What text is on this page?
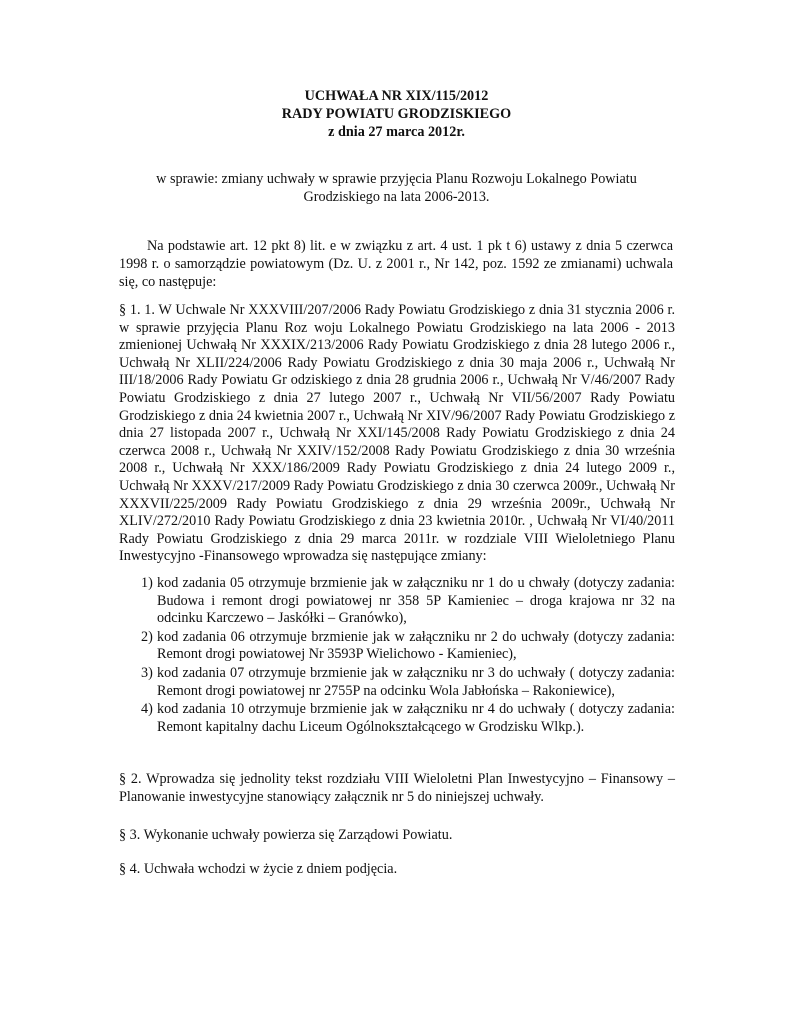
UCHWAŁA NR XIX/115/2012
RADY POWIATU GRODZISKIEGO
z dnia 27 marca 2012r.
w sprawie: zmiany uchwały w sprawie przyjęcia Planu Rozwoju Lokalnego Powiatu Grodziskiego na lata 2006-2013.
Na podstawie art. 12 pkt 8) lit. e w związku z art. 4 ust. 1 pk t 6) ustawy z dnia 5 czerwca 1998 r. o samorządzie powiatowym (Dz. U. z 2001 r., Nr 142, poz. 1592 ze zmianami) uchwala się, co następuje:
§ 1. 1. W Uchwale Nr XXXVIII/207/2006 Rady Powiatu Grodziskiego z dnia 31 stycznia 2006 r. w sprawie przyjęcia Planu Roz woju Lokalnego Powiatu Grodziskiego na lata 2006 - 2013 zmienionej Uchwałą Nr XXXIX/213/2006 Rady Powiatu Grodziskiego z dnia 28 lutego 2006 r., Uchwałą Nr XLII/224/2006 Rady Powiatu Grodziskiego z dnia 30 maja 2006 r., Uchwałą Nr III/18/2006 Rady Powiatu Gr odziskiego z dnia 28 grudnia 2006 r., Uchwałą Nr V/46/2007 Rady Powiatu Grodziskiego z dnia 27 lutego 2007 r., Uchwałą Nr VII/56/2007 Rady Powiatu Grodziskiego z dnia 24 kwietnia 2007 r., Uchwałą Nr XIV/96/2007 Rady Powiatu Grodziskiego z dnia 27 listopada 2007 r., Uchwałą Nr XXI/145/2008 Rady Powiatu Grodziskiego z dnia 24 czerwca 2008 r., Uchwałą Nr XXIV/152/2008 Rady Powiatu Grodziskiego z dnia 30 września 2008 r., Uchwałą Nr XXX/186/2009 Rady Powiatu Grodziskiego z dnia 24 lutego 2009 r., Uchwałą Nr XXXV/217/2009 Rady Powiatu Grodziskiego z dnia 30 czerwca 2009r., Uchwałą Nr XXXVII/225/2009 Rady Powiatu Grodziskiego z dnia 29 września 2009r., Uchwałą Nr XLIV/272/2010 Rady Powiatu Grodziskiego z dnia 23 kwietnia 2010r. , Uchwałą Nr VI/40/2011 Rady Powiatu Grodziskiego z dnia 29 marca 2011r. w rozdziale VIII Wieloletniego Planu Inwestycyjno -Finansowego wprowadza się następujące zmiany:
1) kod zadania 05 otrzymuje brzmienie jak w załączniku nr 1 do u chwały (dotyczy zadania: Budowa i remont drogi powiatowej nr 358 5P Kamieniec – droga krajowa nr 32 na odcinku Karczewo – Jaskółki – Granówko),
2) kod zadania 06 otrzymuje brzmienie jak w załączniku nr 2 do uchwały (dotyczy zadania: Remont drogi powiatowej Nr 3593P Wielichowo - Kamieniec),
3) kod zadania 07 otrzymuje brzmienie jak w załączniku nr 3 do uchwały ( dotyczy zadania: Remont drogi powiatowej nr 2755P na odcinku Wola Jabłońska – Rakoniewice),
4) kod zadania 10 otrzymuje brzmienie jak w załączniku nr 4 do uchwały ( dotyczy zadania: Remont kapitalny dachu Liceum Ogólnokształcącego w Grodzisku Wlkp.).
§ 2. Wprowadza się jednolity tekst rozdziału VIII Wieloletni Plan Inwestycyjno – Finansowy – Planowanie inwestycyjne stanowiący załącznik nr 5 do niniejszej uchwały.
§ 3. Wykonanie uchwały powierza się Zarządowi Powiatu.
§ 4. Uchwała wchodzi w życie z dniem podjęcia.
